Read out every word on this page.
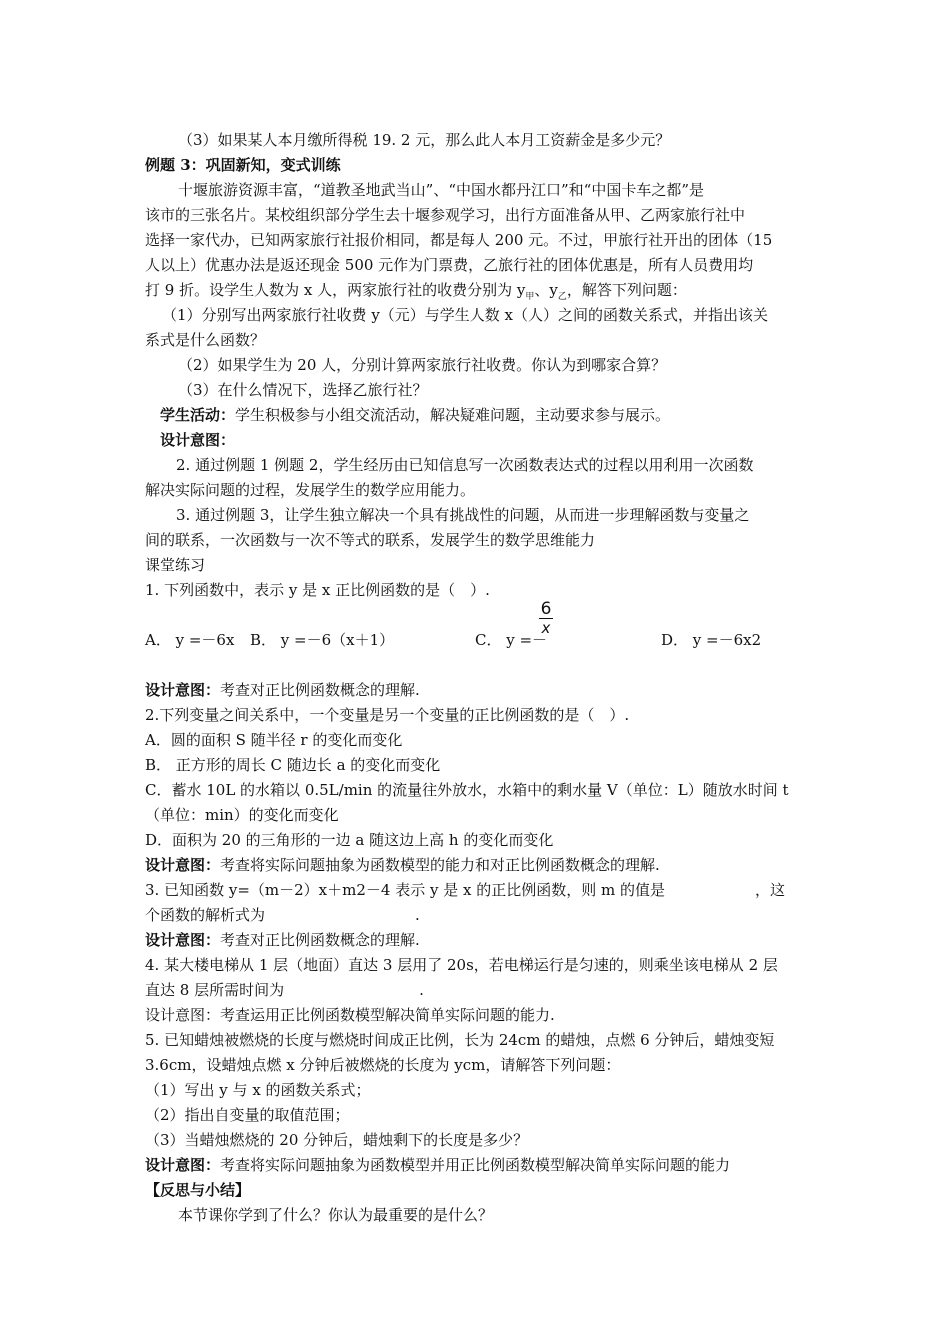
（3）如果某人本月缴所得税 19. 2 元，那么此人本月工资薪金是多少元？
例题 3：巩固新知，变式训练
十堰旅游资源丰富，“道教圣地武当山”、“中国水都丹江口”和“中国卡车之都”是
该市的三张名片。某校组织部分学生去十堰参观学习，出行方面准备从甲、乙两家旅行社中
选择一家代办，已知两家旅行社报价相同，都是每人 200 元。不过，甲旅行社开出的团体（15
人以上）优惠办法是返还现金 500 元作为门票费，乙旅行社的团体优惠是，所有人员费用均
打 9 折。设学生人数为 x 人，两家旅行社的收费分别为 $y_甲$、$y_乙$，解答下列问题：
（1）分别写出两家旅行社收费 y（元）与学生人数 x（人）之间的函数关系式，并指出该关
系式是什么函数？
（2）如果学生为 20 人，分别计算两家旅行社收费。你认为到哪家合算？
（3）在什么情况下，选择乙旅行社？
学生活动：学生积极参与小组交流活动，解决疑难问题，主动要求参与展示。
设计意图：
2. 通过例题 1 例题 2，学生经历由已知信息写一次函数表达式的过程以用利用一次函数
解决实际问题的过程，发展学生的数学应用能力。
3. 通过例题 3，让学生独立解决一个具有挑战性的问题，从而进一步理解函数与变量之
间的联系，一次函数与一次不等式的联系，发展学生的数学思维能力
课堂练习
1. 下列函数中，表示 y 是 x 正比例函数的是（　）.
A． y =－6x B． y =－6（x＋1）	C． y =－
$\frac{6}{x}$
D． y =－6x2
设计意图：考查对正比例函数概念的理解.
2.下列变量之间关系中，一个变量是另一个变量的正比例函数的是（　）.
A．圆的面积 S 随半径 r 的变化而变化
B． 正方形的周长 C 随边长 a 的变化而变化
C．蓄水 10L 的水箱以 0.5L/min 的流量往外放水，水箱中的剩水量 V（单位：L）随放水时间 t
（单位：min）的变化而变化
D．面积为 20 的三角形的一边 a 随这边上高 h 的变化而变化
设计意图：考查将实际问题抽象为函数模型的能力和对正比例函数概念的理解.
3. 已知函数 y=（m－2）x＋m2－4 表示 y 是 x 的正比例函数，则 m 的值是　　　　　　，这
个函数的解析式为　　　　　　　　　　.
设计意图：考查对正比例函数概念的理解.
4. 某大楼电梯从 1 层（地面）直达 3 层用了 20s，若电梯运行是匀速的，则乘坐该电梯从 2 层
直达 8 层所需时间为　　　　　　　　　.
设计意图：考查运用正比例函数模型解决简单实际问题的能力.
5. 已知蜡烛被燃烧的长度与燃烧时间成正比例，长为 24cm 的蜡烛，点燃 6 分钟后，蜡烛变短
3.6cm，设蜡烛点燃 x 分钟后被燃烧的长度为 ycm，请解答下列问题：
（1）写出 y 与 x 的函数关系式；
（2）指出自变量的取值范围；
（3）当蜡烛燃烧的 20 分钟后，蜡烛剩下的长度是多少？
设计意图：考查将实际问题抽象为函数模型并用正比例函数模型解决简单实际问题的能力
【反思与小结】
本节课你学到了什么？你认为最重要的是什么？
